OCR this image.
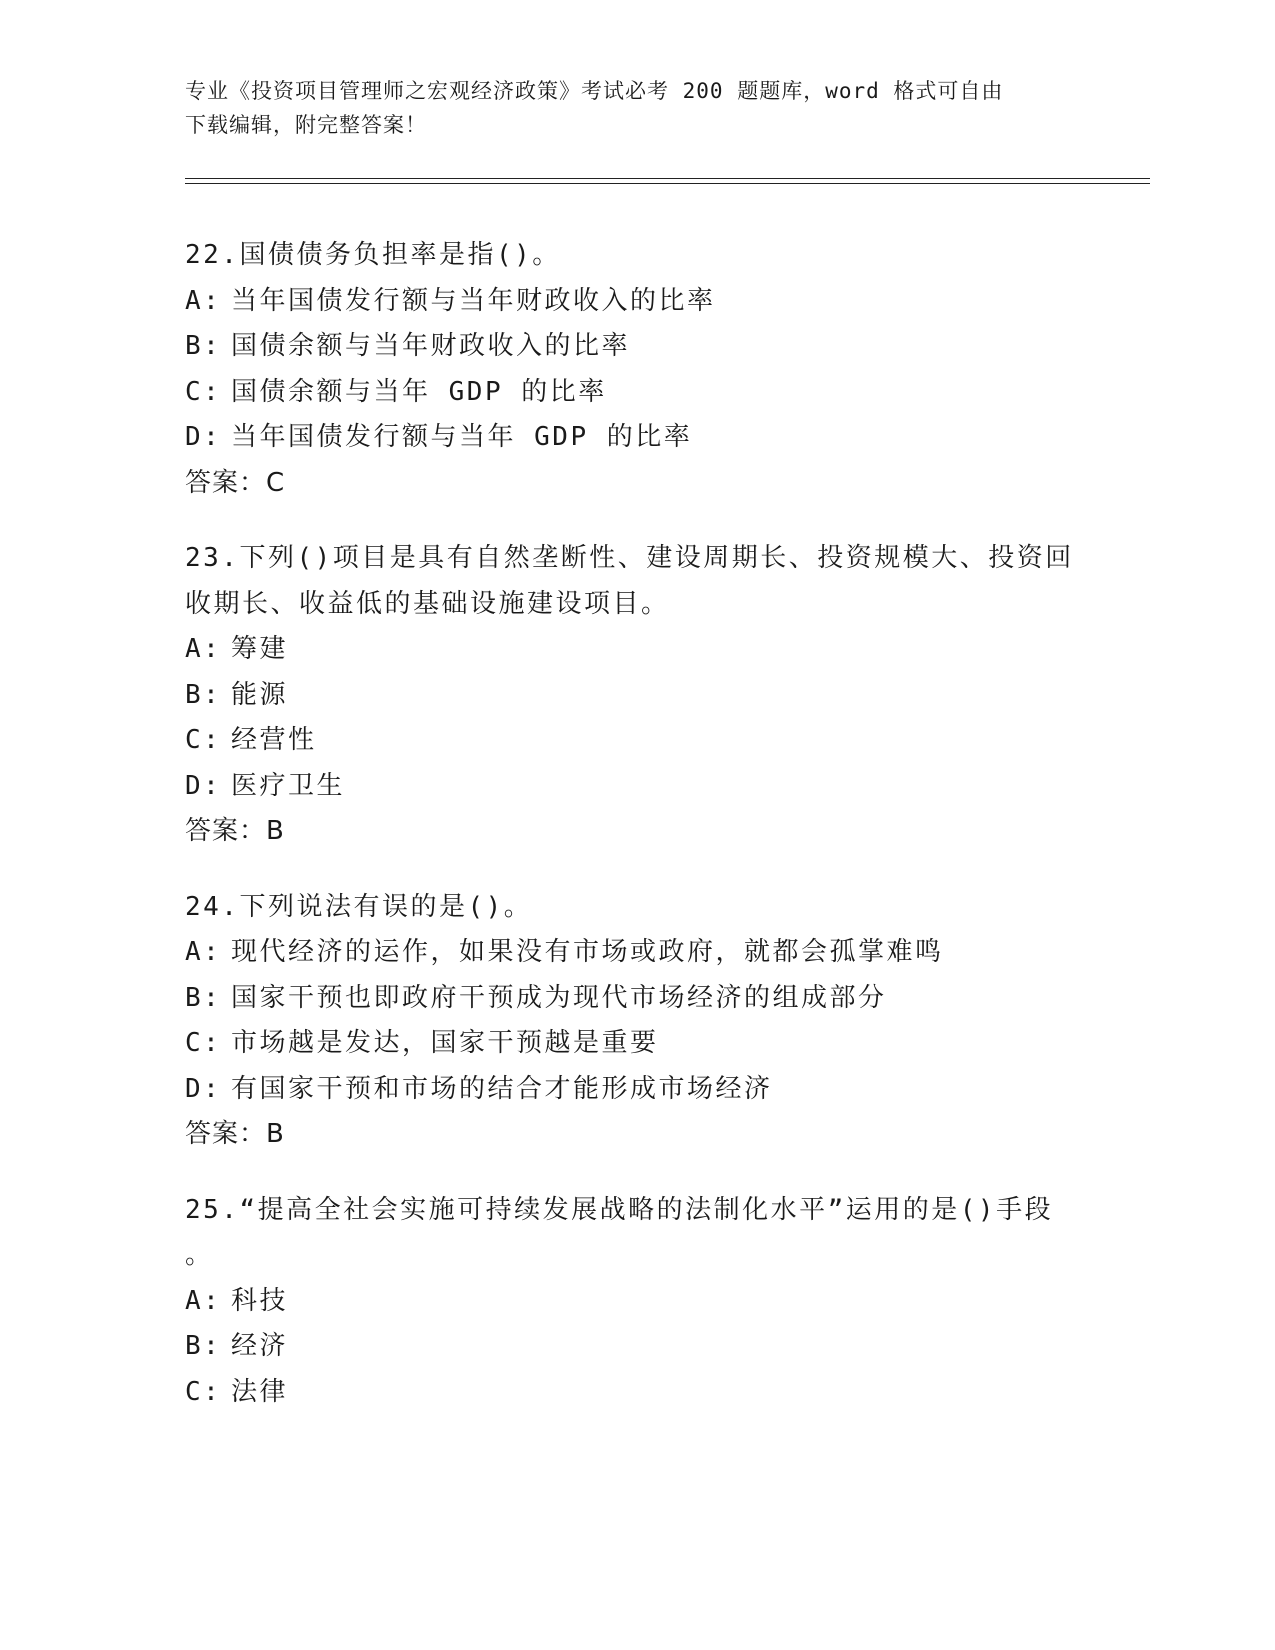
专业《投资项目管理师之宏观经济政策》考试必考 200 题题库，word 格式可自由
下载编辑，附完整答案！

22.国债债务负担率是指()。

A: 当年国债发行额与当年财政收入的比率

B: 国债余额与当年财政收入的比率

C: 国债余额与当年 GDP 的比率

D: 当年国债发行额与当年 GDP 的比率

答案：C

23.下列()项目是具有自然垄断性、建设周期长、投资规模大、投资回

收期长、收益低的基础设施建设项目。

A: 筹建

B: 能源

C: 经营性

D: 医疗卫生

答案：B

24.下列说法有误的是()。

A: 现代经济的运作，如果没有市场或政府，就都会孤掌难鸣

B: 国家干预也即政府干预成为现代市场经济的组成部分

C: 市场越是发达，国家干预越是重要

D: 有国家干预和市场的结合才能形成市场经济

答案：B

25.“提高全社会实施可持续发展战略的法制化水平”运用的是()手段

。

A: 科技

B: 经济

C: 法律
